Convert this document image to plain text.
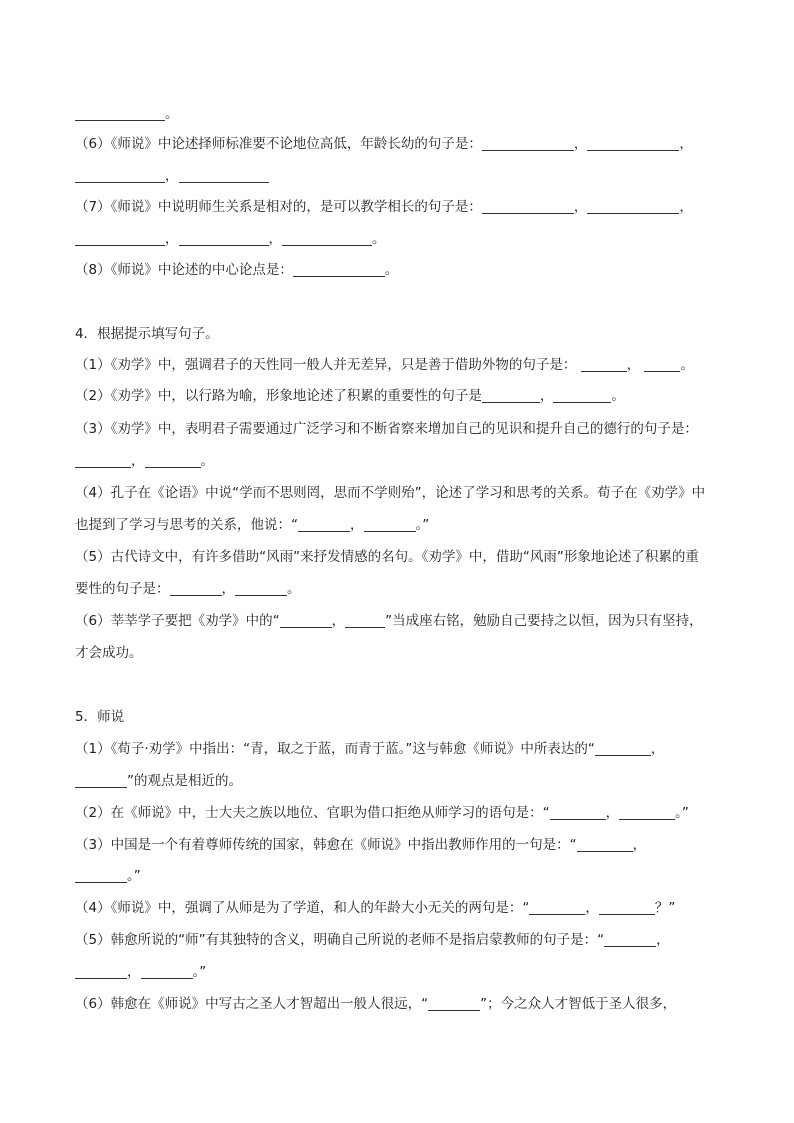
。
（6）《师说》中论述择师标准要不论地位高低，年龄长幼的句子是：	，	，
，
（7）《师说》中说明师生关系是相对的，是可以教学相长的句子是：	，	，
，	，	。
（8）《师说》中论述的中心论点是：	。
4．根据提示填写句子。
（1）《劝学》中，强调君子的天性同一般人并无差异，只是善于借助外物的句子是：	，	。
（2）《劝学》中，以行路为喻，形象地论述了积累的重要性的句子是	，	。
（3）《劝学》中，表明君子需要通过广泛学习和不断省察来增加自己的见识和提升自己的德行的句子是：
，	。
（4）孔子在《论语》中说“学而不思则罔，思而不学则殆”，论述了学习和思考的关系。荀子在《劝学》中
也提到了学习与思考的关系，他说：“	，	。”
（5）古代诗文中，有许多借助“风雨”来抒发情感的名句。《劝学》中，借助“风雨”形象地论述了积累的重
要性的句子是：	，	。
（6）莘莘学子要把《劝学》中的“	，	”当成座右铭，勉励自己要持之以恒，因为只有坚持，
才会成功。
5．师说
（1）《荀子·劝学》中指出：“青，取之于蓝，而青于蓝。”这与韩愈《师说》中所表达的“	，
”的观点是相近的。
（2）在《师说》中，士大夫之族以地位、官职为借口拒绝从师学习的语句是：“	，	。”
（3）中国是一个有着尊师传统的国家，韩愈在《师说》中指出教师作用的一句是：“	，
。”
（4）《师说》中，强调了从师是为了学道，和人的年龄大小无关的两句是：“	，	？”
（5）韩愈所说的“师”有其独特的含义，明确自己所说的老师不是指启蒙教师的句子是：“	，
，	。”
（6）韩愈在《师说》中写古之圣人才智超出一般人很远，“	”；今之众人才智低于圣人很多，
